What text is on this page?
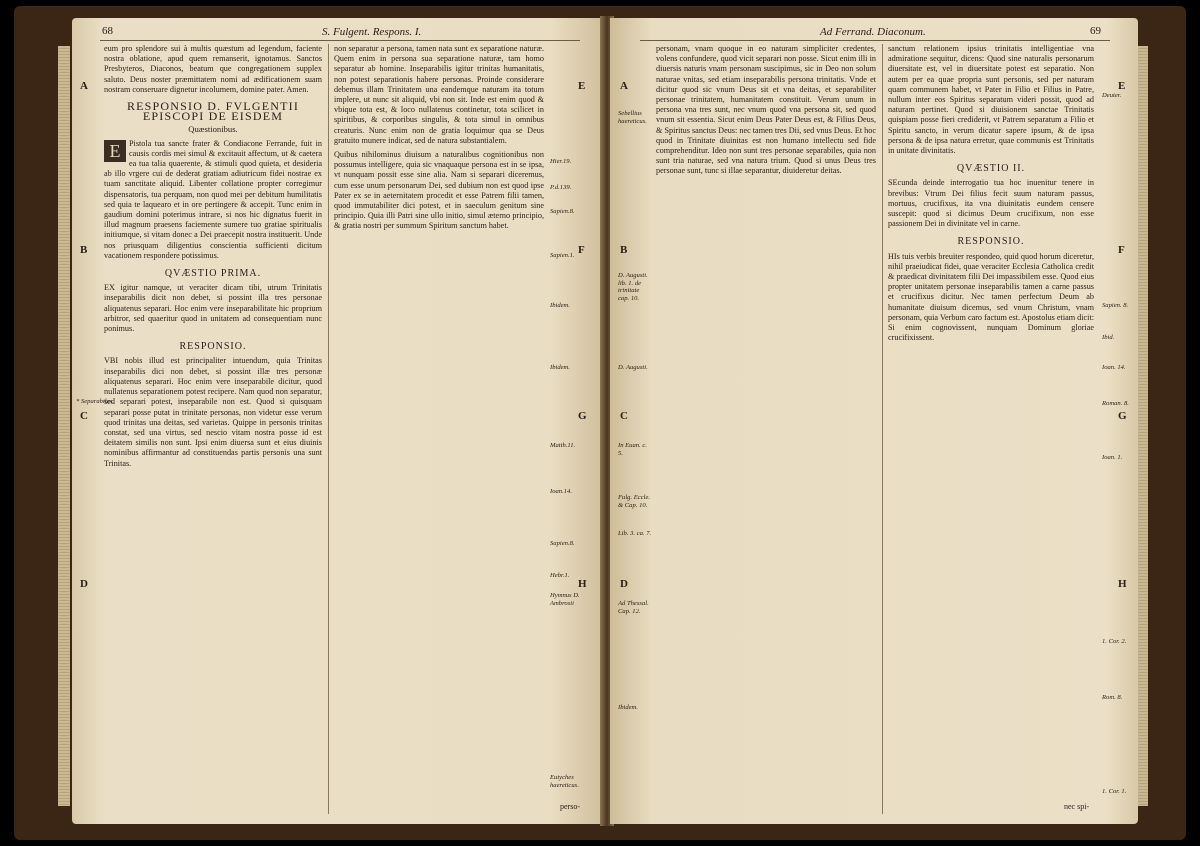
68	S. Fulgent. Respons. I.
A
B
C
D
E
F
G
H
* Separabiles.

eum pro splendore sui à multis quæstum ad legendum, faciente nostra oblatione, apud quem remanserit, ignotamus. Sanctos Presbyteros, Diaconos, beatum que congregationem supplex saluto. Deus noster præmittatem nomi ad ædificationem suam nostram conseruare dignetur incolumem, domine pater. Amen.

RESPONSIO D. FVLGENTII EPISCOPI DE EISDEM
Quæstionibus.

E	Pistola tua sancte frater & Condiacone Ferrande, fuit in causis cordis mei simul & excitauit affectum, ut & caetera ea tua talia quaerente, & stimuli quod quieta, et desideria ab illo vrgere cui de dederat gratiam adiutricum fidei nostrae ex tuam sanctitate aliquid. Libenter collatione propter corregimur dispensatoris, tua perquam, non quod mei per debitum humilitatis sed quia te laquearo et in ore pertingere & accepit. Tunc enim in gaudium domini poterimus intrare, si nos hic dignatus fuerit in illud magnum praesens faciemente sumere tuo gratiae spiritualis initiumque, si vitam donec a Dei praecepit nostra instituerit. Unde nos priusquam diligentius conscientia sufficienti dicitum vacationem respondere potissimus.

QVÆSTIO PRIMA.

EX igitur namque, ut veraciter dicam tibi, utrum Trinitatis inseparabilis dicit non debet, si possint illa tres personae aliquatenus separari. Hoc enim vere inseparabilitate hic proprium arbitror, sed quaeritur quod in unitatem ad consequentiam nunc ponimus.

RESPONSIO.

VBI nobis illud est principaliter intuendum, quia Trinitas inseparabilis dici non debet, si possint illæ tres personæ aliquatenus separari. Hoc enim vere inseparabile dicitur, quod nullatenus separationem potest recipere. Nam quod non separatur, sed separari potest, inseparabile non est. Quod si quisquam separari posse putat in trinitate personas, non videtur esse verum quod trinitas una deitas, sed varietas. Quippe in personis trinitas constat, sed una virtus, sed nescio vitam nostra posse id est deitatem similis non sunt. Ipsi enim diuersa sunt et eius diuinis nominibus affirmantur ad constituendas partis personis una sunt Trinitas.

non separatur a persona, tamen nata sunt ex separatione naturæ. Quem enim in persona sua separatione naturæ, tam homo separatur ab homine. Inseparabilis igitur trinitas humanitatis, non potest separationis habere personas. Proinde considerare debemus illam Trinitatem una eandemque naturam ita totum implere, ut nunc sit aliquid, vbi non sit. Inde est enim quod & vbique tota est, & loco nullatenus continetur, tota scilicet in spiritibus, & corporibus singulis, & tota simul in omnibus creaturis. Nunc enim non de gratia loquimur qua se Deus gratuito munere indicat, sed de natura substantialem.

Quibus nihilominus diuisum a naturalibus cognitionibus non possumus intelligere, quia sic vnaquaque persona est in se ipsa, vt nunquam possit esse sine alia. Nam si separari diceremus, cum esse unum personarum Dei, sed dubium non est quod ipse Pater ex se in aeternitatem procedit et esse Patrem filii tamen, quod immutabiliter dici potest, et in saeculum genitum sine principio. Quia illi Patri sine ullo initio, simul æterno principio, & gratia nostri per summum Spiritum sanctum habet.

perso-
Hier.19.
P.d.139.
Sapien.8.
Sapien.1.
Ibidem.
Ibidem.
Matth.11.
Ioan.14.
Sapien.8.
Hebr.1.
Hymnus D. Ambrosii
Eutyches haereticus.
Ad Ferrand. Diaconum.	69
A
B
C
D
E
F
G
H
Sebellius haereticus.
D. Augusti. lib. 1. de trinitate cap. 10.
D. Augusti.
In Euan. c. 5.
Fulg. Eccle. & Cap. 10.
Lib. 3. ca. 7.
Ad Thessal. Cap. 12.
Ibidem.

personam, vnam quoque in eo naturam simpliciter credentes, volens confundere, quod vicit separari non posse. Sicut enim illi in diuersis naturis vnam personam suscipimus, sic in Deo non solum naturae vnitas, sed etiam inseparabilis persona trinitatis. Vnde et dicitur quod sic vnum Deus sit et vna deitas, et separabiliter personae trinitatem, humanitatem constituit. Verum unum in persona vna tres sunt, nec vnum quod vna persona sit, sed quod vnum sit essentia. Sicut enim Deus Pater Deus est, & Filius Deus, & Spiritus sanctus Deus: nec tamen tres Dii, sed vnus Deus. Et hoc quod in Trinitate diuinitas est non humano intellectu sed fide comprehenditur. Ideo non sunt tres personae separabiles, quia non sunt tria naturae, sed vna natura trium. Quod si unus Deus tres personae sunt, tunc si illae separantur, diuideretur deitas.

sanctum relationem ipsius trinitatis intelligentiae vna admiratione sequitur, dicens: Quod sine naturalis personarum diuersitate est, vel in diuersitate potest est separatio. Non autem per ea quae propria sunt personis, sed per naturam quam communem habet, vt Pater in Filio et Filius in Patre, nullum inter eos Spiritus separatum videri possit, quod ad naturam pertinet. Quod si diuisionem sanctae Trinitatis quispiam posse fieri crediderit, vt Patrem separatum a Filio et Spiritu sancto, in verum dicatur sapere ipsum, & de ipsa persona & de ipsa natura erretur, quae communis est Trinitatis in unitate divinitatis.

QVÆSTIO II.

SEcunda deinde interrogatio tua hoc inuenitur tenere in brevibus: Vtrum Dei filius fecit suum naturam passus, mortuus, crucifixus, ita vna diuinitatis eundem censere suscepit: quod si dicimus Deum crucifixum, non esse passionem Dei in divinitate vel in carne.

RESPONSIO.

HIs tuis verbis breuiter respondeo, quid quod horum diceretur, nihil praeiudicat fidei, quae veraciter Ecclesia Catholica credit & praedicat divinitatem filii Dei impassibilem esse. Quod eius propter unitatem personae inseparabilis tamen a carne passus et crucifixus dicitur. Nec tamen perfectum Deum ab humanitate diuisum dicemus, sed vnum Christum, vnam personam, quia Verbum caro factum est. Apostolus etiam dicit: Si enim cognovissent, nunquam Dominum gloriae crucifixissent.

nec spi-
Deuter.
Sapien. 8.
Ibid.
Ioan. 14.
Roman. 8.
Ioan. 1.
1. Cor. 2.
Rom. 8.
1. Cor. 1.
